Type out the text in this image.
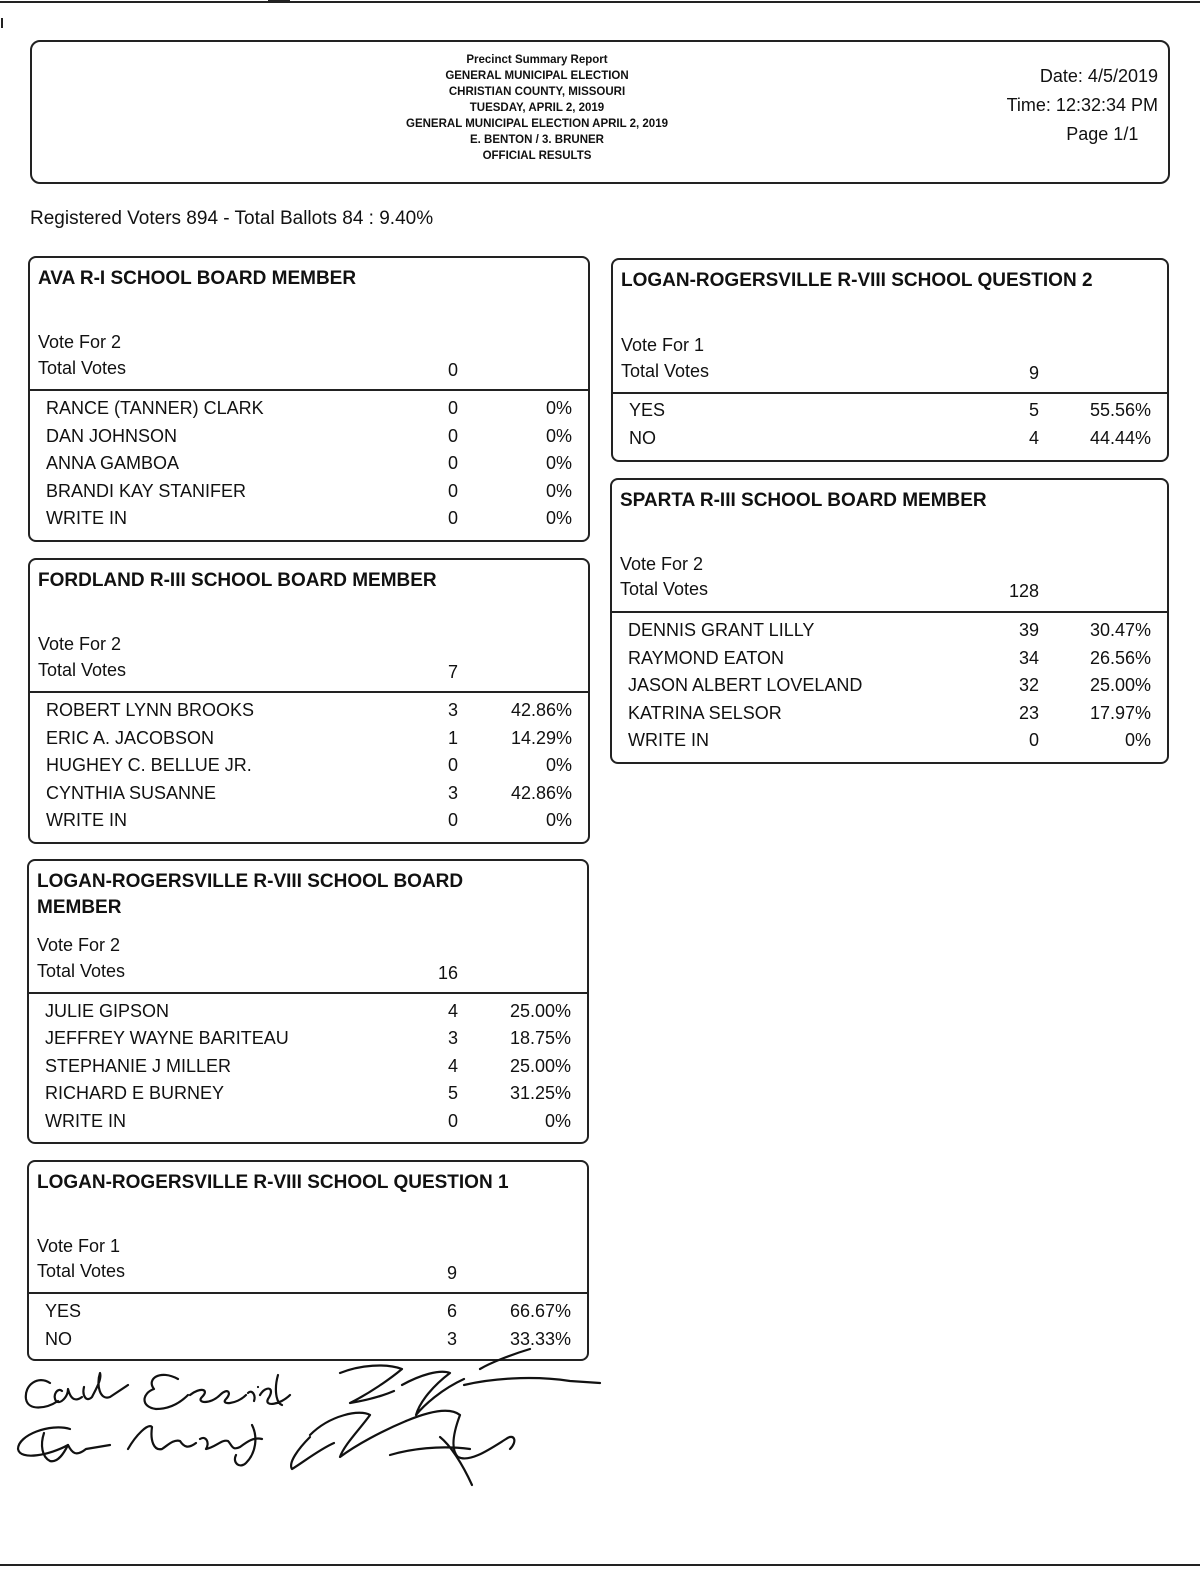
Precinct Summary Report
GENERAL MUNICIPAL ELECTION
CHRISTIAN COUNTY, MISSOURI
TUESDAY, APRIL 2, 2019
GENERAL MUNICIPAL ELECTION APRIL 2, 2019
E. BENTON / 3. BRUNER
OFFICIAL RESULTS
Date: 4/5/2019
Time: 12:32:34 PM
Page 1/1
Registered Voters 894 - Total Ballots 84 : 9.40%
AVA R-I SCHOOL BOARD MEMBER
Vote For 2
Total Votes	0
RANCE (TANNER) CLARK	0	0%
DAN JOHNSON	0	0%
ANNA GAMBOA	0	0%
BRANDI KAY STANIFER	0	0%
WRITE IN	0	0%
FORDLAND R-III SCHOOL BOARD MEMBER
Vote For 2
Total Votes	7
ROBERT LYNN BROOKS	3	42.86%
ERIC A. JACOBSON	1	14.29%
HUGHEY C. BELLUE JR.	0	0%
CYNTHIA SUSANNE	3	42.86%
WRITE IN	0	0%
LOGAN-ROGERSVILLE R-VIII SCHOOL BOARD
MEMBER
Vote For 2
Total Votes	16
JULIE GIPSON	4	25.00%
JEFFREY WAYNE BARITEAU	3	18.75%
STEPHANIE J MILLER	4	25.00%
RICHARD E BURNEY	5	31.25%
WRITE IN	0	0%
LOGAN-ROGERSVILLE R-VIII SCHOOL QUESTION 1
Vote For 1
Total Votes	9
YES	6	66.67%
NO	3	33.33%
LOGAN-ROGERSVILLE R-VIII SCHOOL QUESTION 2
Vote For 1
Total Votes	9
YES	5	55.56%
NO	4	44.44%
SPARTA R-III SCHOOL BOARD MEMBER
Vote For 2
Total Votes	128
DENNIS GRANT LILLY	39	30.47%
RAYMOND EATON	34	26.56%
JASON ALBERT LOVELAND	32	25.00%
KATRINA SELSOR	23	17.97%
WRITE IN	0	0%
